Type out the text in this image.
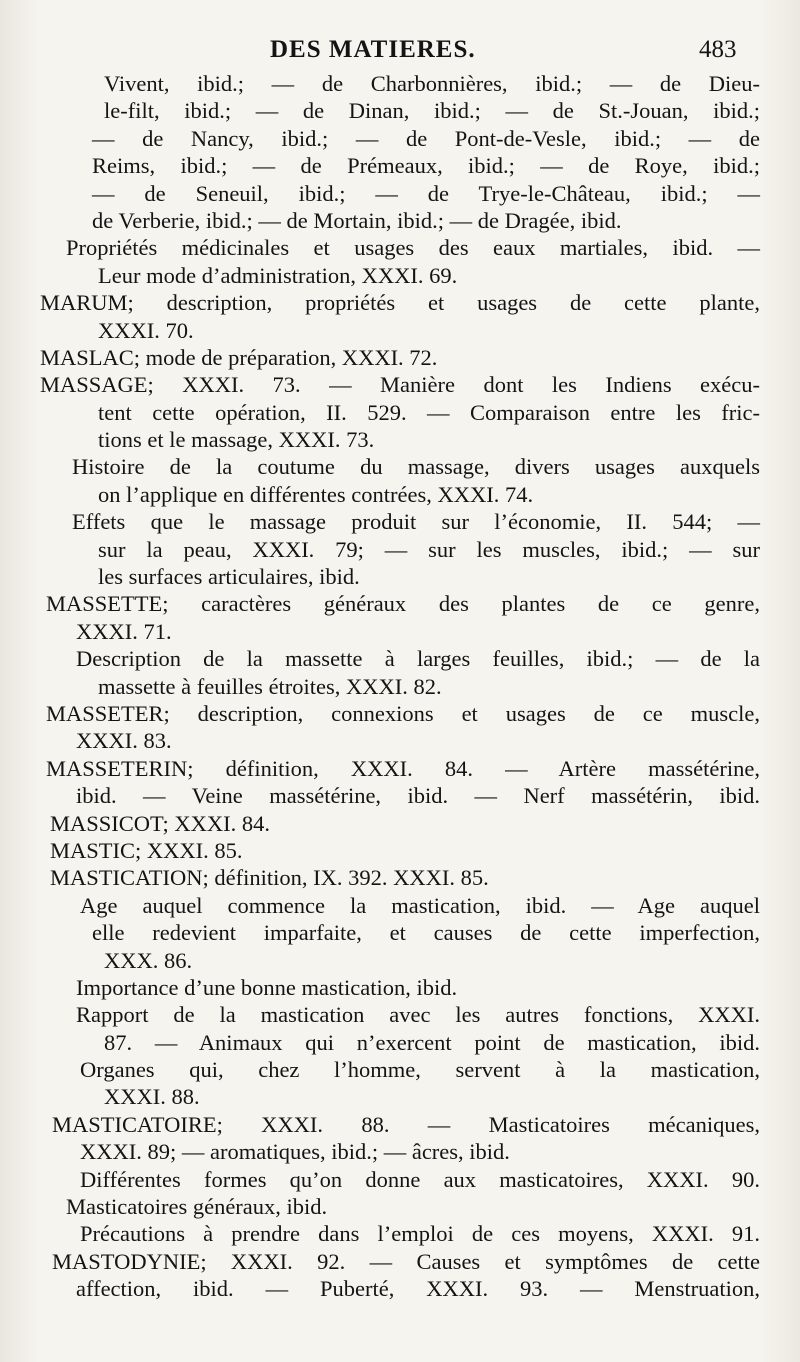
DES MATIERES.	483
Vivent, ibid.; — de Charbonnières, ibid.; — de Dieu-
le-filt, ibid.; — de Dinan, ibid.; — de St.-Jouan, ibid.;
— de Nancy, ibid.; — de Pont-de-Vesle, ibid.; — de
Reims, ibid.; — de Prémeaux, ibid.; — de Roye, ibid.;
— de Seneuil, ibid.; — de Trye-le-Château, ibid.; —
de Verberie, ibid.; — de Mortain, ibid.; — de Dragée, ibid.
Propriétés médicinales et usages des eaux martiales, ibid. —
Leur mode d’administration, XXXI. 69.
MARUM; description, propriétés et usages de cette plante,
XXXI. 70.
MASLAC; mode de préparation, XXXI. 72.
MASSAGE; XXXI. 73. — Manière dont les Indiens exécu-
tent cette opération, II. 529. — Comparaison entre les fric-
tions et le massage, XXXI. 73.
Histoire de la coutume du massage, divers usages auxquels
on l’applique en différentes contrées, XXXI. 74.
Effets que le massage produit sur l’économie, II. 544; —
sur la peau, XXXI. 79; — sur les muscles, ibid.; — sur
les surfaces articulaires, ibid.
MASSETTE; caractères généraux des plantes de ce genre,
XXXI. 71.
Description de la massette à larges feuilles, ibid.; — de la
massette à feuilles étroites, XXXI. 82.
MASSETER; description, connexions et usages de ce muscle,
XXXI. 83.
MASSETERIN; définition, XXXI. 84. — Artère massétérine,
ibid. — Veine massétérine, ibid. — Nerf massétérin, ibid.
MASSICOT; XXXI. 84.
MASTIC; XXXI. 85.
MASTICATION; définition, IX. 392. XXXI. 85.
Age auquel commence la mastication, ibid. — Age auquel
elle redevient imparfaite, et causes de cette imperfection,
XXX. 86.
Importance d’une bonne mastication, ibid.
Rapport de la mastication avec les autres fonctions, XXXI.
87. — Animaux qui n’exercent point de mastication, ibid.
Organes qui, chez l’homme, servent à la mastication,
XXXI. 88.
MASTICATOIRE; XXXI. 88. — Masticatoires mécaniques,
XXXI. 89; — aromatiques, ibid.; — âcres, ibid.
Différentes formes qu’on donne aux masticatoires, XXXI. 90.
Masticatoires généraux, ibid.
Précautions à prendre dans l’emploi de ces moyens, XXXI. 91.
MASTODYNIE; XXXI. 92. — Causes et symptômes de cette
affection, ibid. — Puberté, XXXI. 93. — Menstruation,
